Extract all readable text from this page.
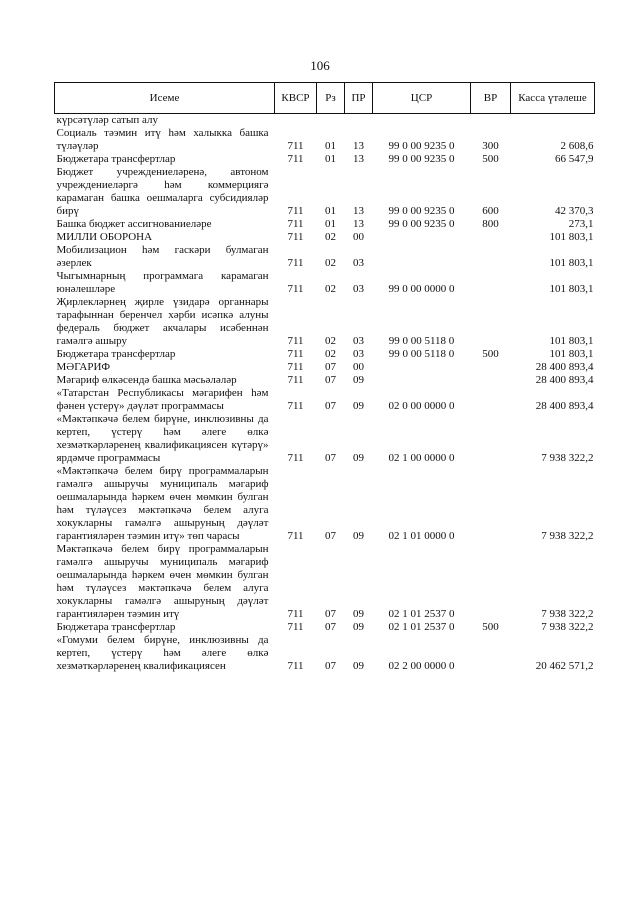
106
Исеме	КВСР	Рз	ПР	ЦСР	ВР	Касса үтәлеше
күрсәтүләр сатып алу						
Социаль тәэмин итү һәм халыкка башка түләүләр	711	01	13	99 0 00 9235 0	300	2 608,6
Бюджетара трансфертлар	711	01	13	99 0 00 9235 0	500	66 547,9
Бюджет учреждениеләренә, автоном учреждениеләргә һәм коммерциягә карамаган башка оешмаларга субсидияләр бирү	711	01	13	99 0 00 9235 0	600	42 370,3
Башка бюджет ассигнованиеләре	711	01	13	99 0 00 9235 0	800	273,1
МИЛЛИ ОБОРОНА	711	02	00			101 803,1
Мобилизацион һәм гаскәри булмаган әзерлек	711	02	03			101 803,1
Чыгымнарның программага карамаган юнәлешләре	711	02	03	99 0 00 0000 0		101 803,1
Җирлекләрнең җирле үзидарә органнары тарафыннан беренчел хәрби исәпкә алуны федераль бюджет акчалары исәбеннән гамәлгә ашыру	711	02	03	99 0 00 5118 0		101 803,1
Бюджетара трансфертлар	711	02	03	99 0 00 5118 0	500	101 803,1
МӘГАРИФ	711	07	00			28 400 893,4
Мәгариф өлкәсендә башка мәсьәләләр	711	07	09			28 400 893,4
«Татарстан Республикасы мәгарифен һәм фәнен үстерү» дәүләт программасы	711	07	09	02 0 00 0000 0		28 400 893,4
«Мәктәпкәчә белем бирүне, инклюзивны да кертеп, үстерү һәм әлеге өлкә хезмәткәрләренең квалификациясен күтәрү» ярдәмче программасы	711	07	09	02 1 00 0000 0		7 938 322,2
«Мәктәпкәчә белем бирү программаларын гамәлгә ашыручы муниципаль мәгариф оешмаларында һәркем өчен мөмкин булган һәм түләүсез мәктәпкәчә белем алуга хокукларны гамәлгә ашыруның дәүләт гарантияләрен тәэмин итү» төп чарасы	711	07	09	02 1 01 0000 0		7 938 322,2
Мәктәпкәчә белем бирү программаларын гамәлгә ашыручы муниципаль мәгариф оешмаларында һәркем өчен мөмкин булган һәм түләүсез мәктәпкәчә белем алуга хокукларны гамәлгә ашыруның дәүләт гарантияләрен тәэмин итү	711	07	09	02 1 01 2537 0		7 938 322,2
Бюджетара трансфертлар	711	07	09	02 1 01 2537 0	500	7 938 322,2
«Гомуми белем бирүне, инклюзивны да кертеп, үстерү һәм әлеге өлкә хезмәткәрләренең квалификациясен	711	07	09	02 2 00 0000 0		20 462 571,2
